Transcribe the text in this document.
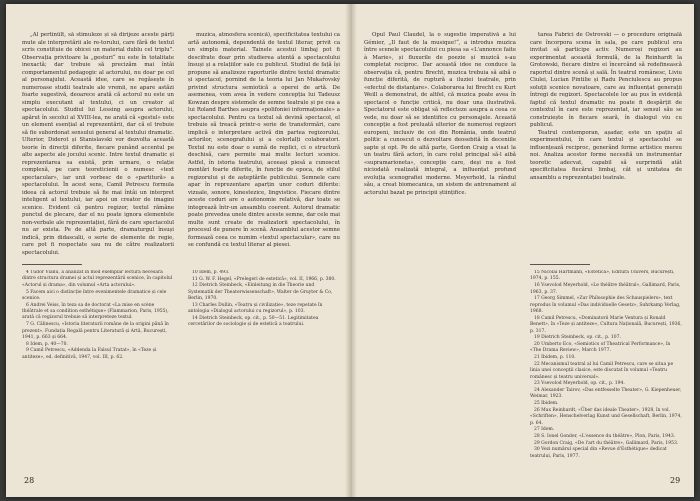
„Al pertinült, să stimuleze și să dirijeze aceste părți mute ale interpretării ale re-torului, care fără de textul scris constituie de obicei un material dublu cel triplu”. Observația privitoare la „gesturi“ nu este în totalitate inexactă; dar trebuie să precizăm mai întâi comportamentul pedagogic al actorului, nu doar pe cel al personajului. Această idee, care se regăsește în numeroase studii teatrale ale vremii, ne apare astăzi foarte sugestivă, deoarece arată că actorul nu este un simplu executant al textului, ci un creator al spectacolului. Studiul lui Lessing asupra actorului, apărut în secolul al XVIII-lea, ne arată că «gestul» este un element esențial al reprezentării, dar că el trebuie să fie subordonat sensului general al textului dramatic. Ulterior, Diderot și Stanislavski vor dezvolta această teorie în direcții diferite, fiecare punând accentul pe alte aspecte ale jocului scenic. Intre textul dramatic și reprezentarea sa există, prin urmare, o relație complexă, pe care teoreticienii o numesc «text spectacular», iar unii vorbesc de o «partitură» a spectacolului. În acest sens, Camil Petrescu formula ideea că actorul trebuie să fie mai întâi un interpret inteligent al textului, iar apoi un creator de imagini scenice. Evident că pentru regizor, textul rămâne punctul de plecare, dar el nu poate ignora elementele non-verbale ale reprezentației, fără de care spectacolul nu ar exista. Pe de altă parte, dramaturgul însuși indică, prin didascalii, o serie de elemente de regie, care pot fi respectate sau nu de către realizatorii spectacolului.

muzica, atmosfera scenică), specificitatea textului ca artă autonomă, dependentă de textul literar, privit ca un simplu material. Tainele acestui limbaj pot fi descifrate doar prin studierea atentă a spectacolului însuși și a relațiilor sale cu publicul. Studiul de față își propune să analizeze raporturile dintre textul dramatic și spectacol, pornind de la teoria lui Jan Mukařovský privind structura semiotică a operei de artă. De asemenea, vom avea în vedere concepția lui Tadeusz Kowzan despre sistemele de semne teatrale și pe cea a lui Roland Barthes asupra «polifoniei informaționale» a spectacolului. Pentru ca textul să devină spectacol, el trebuie să treacă printr-o serie de transformări, care implică o interpretare activă din partea regizorului, actorilor, scenografului și a celorlalți colaboratori. Textul nu este doar o sumă de replici, ci o structură deschisă, care permite mai multe lecturi scenice. Astfel, în istoria teatrului, aceeași piesă a cunoscut montări foarte diferite, în funcție de epoca, de stilul regizorului și de așteptările publicului. Semnele care apar în reprezentare aparțin unor coduri diferite: vizuale, sonore, kinestezice, lingvistice. Fiecare dintre aceste coduri are o autonomie relativă, dar toate se integrează într-un ansamblu coerent. Autorul dramatic poate prevedea unele dintre aceste semne, dar cele mai multe sunt create de realizatorii spectacolului, în procesul de punere în scenă. Ansamblul acestor semne formează ceea ce numim «textul spectacular», care nu se confundă cu textul literar al piesei.

4 Tudor Vianu, a analizat în mod exemplar lectura necesară dintre structura dramei și actul reprezentării scenice, în capitolul «Actorul și drama», din volumul «Arta actorului».

5 Facem aici o distincție între evenimentele dramatice și cele scenice.

6 Andrei Veiss, în teza sa de doctorat «La mise en scène théâtrale et sa condition esthétique» (Flammarion, Paris, 1955), arată că regizorul trebuie să interpreteze textul.

7 G. Călinescu, «Istoria literaturii române de la origini până în prezent», Fundația Regală pentru Literatură și Artă, București, 1941, p. 663 și 664.

8 Idem, p. 40—70.

9 Camil Petrescu, «Addenda la Falsul Tratat», în «Teze și antiteze», ed. definitivă, 1947, vol. III, p. 62.

10 Idem, p. 493.

11 G. W. F. Hegel, «Prelegeri de estetică», vol. II, 1966, p. 380.

12 Dietrich Steinbeck, «Einleitung in die Theorie und Systematik der Theaterwissenschaft», Walter de Gruyter & Co, Berlin, 1970.

13 Charles Dullin, «Teatru și civilizație», teze repetate în antologia «Dialogul actorului cu regizorul», p. 103.

14 Dietrich Steinbeck, op. cit., p. 50—51. Legitimitatea cercetărilor de sociologie și de estetică a teatrului.

Opul Paul Claudel, la o sugestie imperativă a lui Gémier, „Il faut de la musique!“, a introdus muzica între scenele spectacolului cu piesa sa «L'annonce faite à Marie», și fluxurile de poezie și muzică s-au completat reciproc. Dar această idee ne conduce la observația că, pentru Brecht, muzica trebuia să aibă o funcție diferită, de ruptură a iluziei teatrale, prin «efectul de distanțare». Colaborarea lui Brecht cu Kurt Weill a demonstrat, de altfel, că muzica poate avea în spectacol o funcție critică, nu doar una ilustrativă. Spectatorul este obligat să reflecteze asupra a ceea ce vede, nu doar să se identifice cu personajele. Această concepție a fost preluată ulterior de numeroși regizori europeni, inclusiv de cei din România, unde teatrul politic a cunoscut o dezvoltare deosebită în deceniile șapte și opt. Pe de altă parte, Gordon Craig a visat la un teatru fără actori, în care rolul principal să-l aibă «supramarioneta», concepție care, deși nu a fost niciodată realizată integral, a influențat profund evoluția scenografiei moderne. Meyerhold, la rândul său, a creat biomecanica, un sistem de antrenament al actorului bazat pe principii științifice.

tarea Fabrici de Ostrovski — o procedure originală care încorpora scena în sala, pe care publicul era invitat să participe activ. Numeroși regizori au experimentat această formulă, de la Reinhardt la Grotowski, fiecare dintre ei încercând să redefinească raportul dintre scenă și sală. În teatrul românesc, Liviu Ciulei, Lucian Pintilie și Radu Penciulescu au propus soluții scenice novatoare, care au influențat generații întregi de regizori. Spectacolele lor au pus în evidență faptul că textul dramatic nu poate fi despărțit de contextul în care este reprezentat, iar sensul său se construiește în fiecare seară, în dialogul viu cu publicul.

Teatrul contemporan, așadar, este un spațiu al experimentului, în care textul și spectacolul se influențează reciproc, generând forme artistice mereu noi. Analiza acestor forme necesită un instrumentar teoretic adecvat, capabil să surprindă atât specificitatea fiecărui limbaj, cât și unitatea de ansamblu a reprezentației teatrale.

15 Nicolai Hartmann, «Estetica», Editura Univers, București, 1974, p. 155.

16 Vsevolod Meyerhold, «Le théâtre théâtral», Gallimard, Paris, 1963, p. 37.

17 Georg Simmel, «Zur Philosophie des Schauspielers», text reprodus în volumul «Das individuelle Gesetz», Suhrkamp Verlag, 1968.

18 Camil Petrescu, «Dominatorii Marie Ventura și Ronald Benett», în «Teze și antiteze», Cultura Națională, București, 1936, p. 317.

19 Dietrich Steinbeck, op. cit., p. 107.

20 Umberto Eco, «Semiotics of Theatrical Performance», în «The Drama Review», March 1977.

21 Ibidem, p. 110.

22 Mecanismul teatral al lui Camil Petrescu, care se situa pe linia unei concepții clasice, este discutat în volumul «Teatru românesc și teatru universal».

23 Vsevolod Meyerhold, op. cit., p. 194.

24 Alexander Tairov, «Das entfesselte Theater», G. Kiepenheuer, Weimar, 1923.

25 Ibidem.

26 Max Reinhardt, «Über das ideale Theater», 1928, în vol. «Schriften», Henschelverlag Kunst und Gesellschaft, Berlin, 1974, p. 64.

27 Idem.

28 S. Ionel Gonder, «L'essence du théâtre», Plon, Paris, 1943.

29 Gordon Craig, «De l'art du théâtre», Gallimard, Paris, 1953.

30 Vezi numărul special din «Revue d'Esthétique» dedicat teatrului, Paris, 1977.

28	29
